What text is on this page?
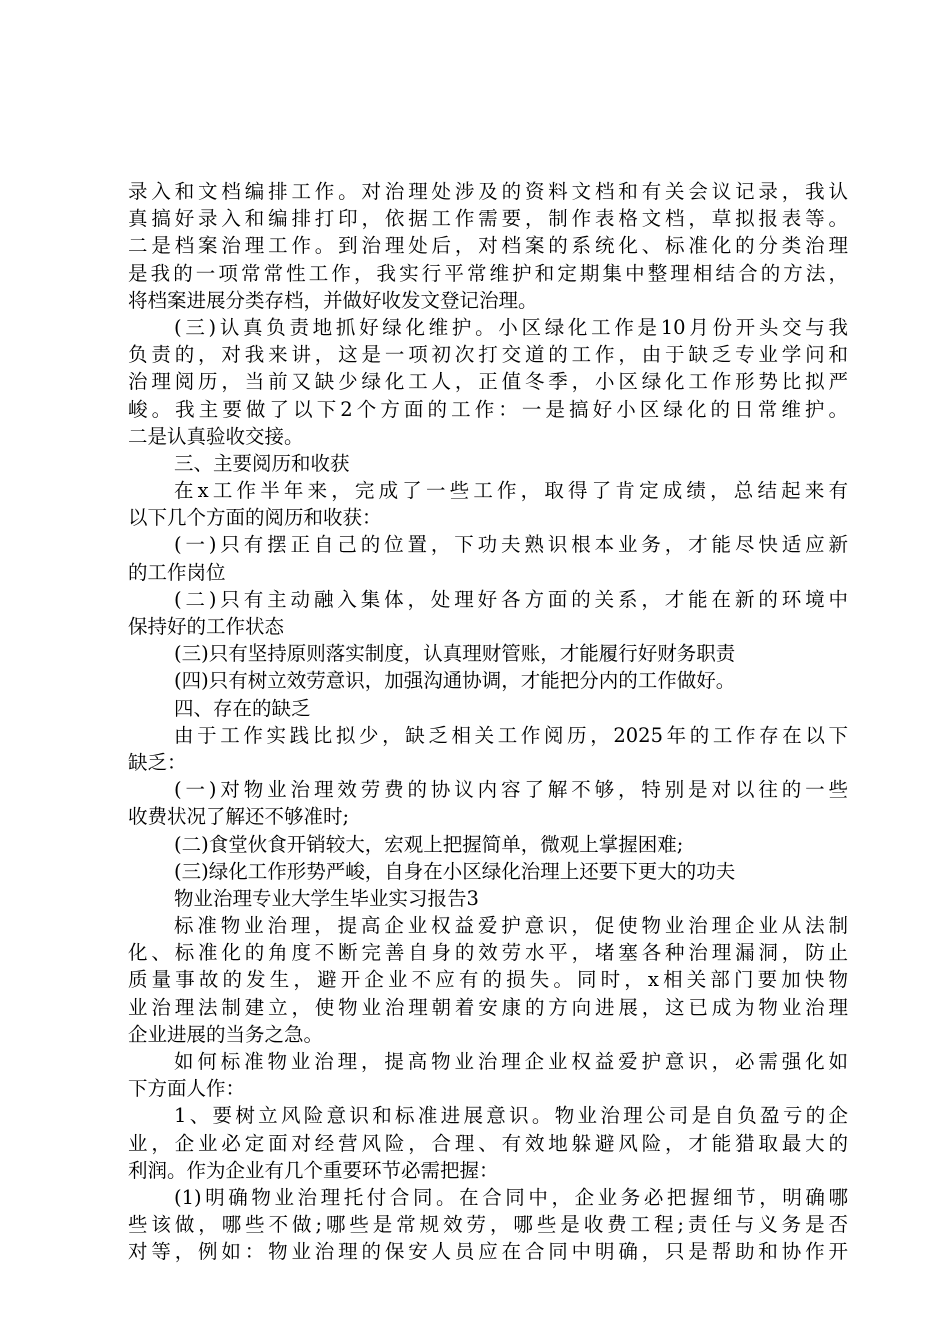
录入和文档编排工作。对治理处涉及的资料文档和有关会议记录，我认
真搞好录入和编排打印，依据工作需要，制作表格文档，草拟报表等。
二是档案治理工作。到治理处后，对档案的系统化、标准化的分类治理
是我的一项常常性工作，我实行平常维护和定期集中整理相结合的方法，
将档案进展分类存档，并做好收发文登记治理。
(三)认真负责地抓好绿化维护。小区绿化工作是10月份开头交与我
负责的，对我来讲，这是一项初次打交道的工作，由于缺乏专业学问和
治理阅历，当前又缺少绿化工人，正值冬季，小区绿化工作形势比拟严
峻。我主要做了以下2个方面的工作：一是搞好小区绿化的日常维护。
二是认真验收交接。
三、主要阅历和收获
在x工作半年来，完成了一些工作，取得了肯定成绩，总结起来有
以下几个方面的阅历和收获：
(一)只有摆正自己的位置，下功夫熟识根本业务，才能尽快适应新
的工作岗位
(二)只有主动融入集体，处理好各方面的关系，才能在新的环境中
保持好的工作状态
(三)只有坚持原则落实制度，认真理财管账，才能履行好财务职责
(四)只有树立效劳意识，加强沟通协调，才能把分内的工作做好。
四、存在的缺乏
由于工作实践比拟少，缺乏相关工作阅历，2025年的工作存在以下
缺乏：
(一)对物业治理效劳费的协议内容了解不够，特别是对以往的一些
收费状况了解还不够准时;
(二)食堂伙食开销较大，宏观上把握简单，微观上掌握困难;
(三)绿化工作形势严峻，自身在小区绿化治理上还要下更大的功夫
物业治理专业大学生毕业实习报告3
标准物业治理，提高企业权益爱护意识，促使物业治理企业从法制
化、标准化的角度不断完善自身的效劳水平，堵塞各种治理漏洞，防止
质量事故的发生，避开企业不应有的损失。同时，x相关部门要加快物
业治理法制建立，使物业治理朝着安康的方向进展，这已成为物业治理
企业进展的当务之急。
如何标准物业治理，提高物业治理企业权益爱护意识，必需强化如
下方面人作：
1、要树立风险意识和标准进展意识。物业治理公司是自负盈亏的企
业，企业必定面对经营风险，合理、有效地躲避风险，才能猎取最大的
利润。作为企业有几个重要环节必需把握：
(1)明确物业治理托付合同。在合同中，企业务必把握细节，明确哪
些该做，哪些不做;哪些是常规效劳，哪些是收费工程;责任与义务是否
对等，例如：物业治理的保安人员应在合同中明确，只是帮助和协作开
